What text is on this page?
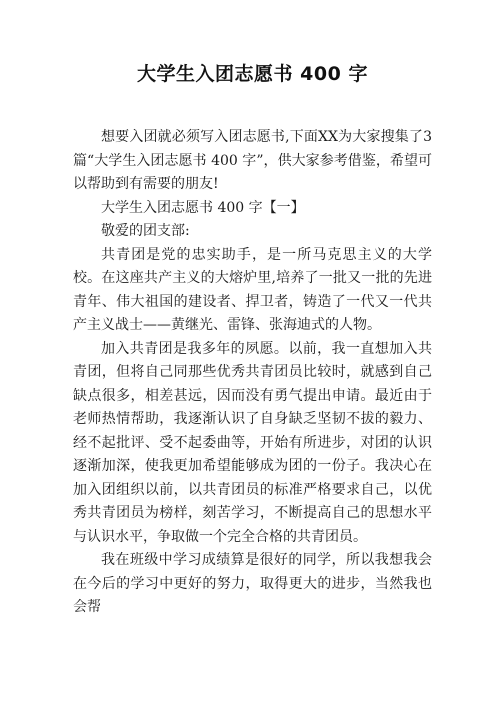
大学生入团志愿书 400 字

想要入团就必须写入团志愿书,下面XX为大家搜集了3篇“大学生入团志愿书 400 字”，供大家参考借鉴，希望可以帮助到有需要的朋友!

大学生入团志愿书 400 字【一】

敬爱的团支部:

共青团是党的忠实助手，是一所马克思主义的大学校。在这座共产主义的大熔炉里,培养了一批又一批的先进青年、伟大祖国的建设者、捍卫者，铸造了一代又一代共产主义战士——黄继光、雷锋、张海迪式的人物。

加入共青团是我多年的夙愿。以前，我一直想加入共青团，但将自己同那些优秀共青团员比较时，就感到自己缺点很多，相差甚远，因而没有勇气提出申请。最近由于老师热情帮助，我逐渐认识了自身缺乏坚韧不拔的毅力、经不起批评、受不起委曲等，开始有所进步，对团的认识逐渐加深，使我更加希望能够成为团的一份子。我决心在加入团组织以前，以共青团员的标准严格要求自己，以优秀共青团员为榜样，刻苦学习，不断提高自己的思想水平与认识水平，争取做一个完全合格的共青团员。

我在班级中学习成绩算是很好的同学，所以我想我会在今后的学习中更好的努力，取得更大的进步，当然我也会帮
